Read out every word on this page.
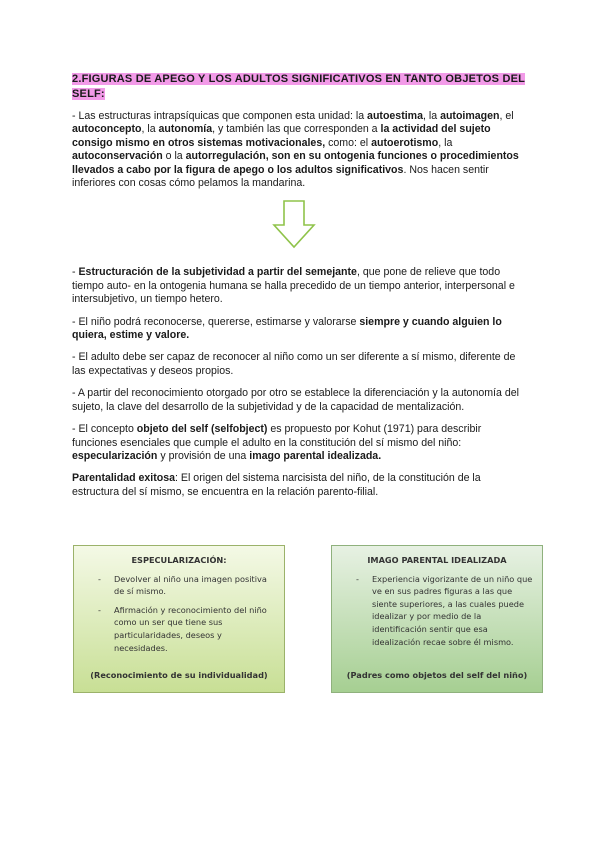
2.FIGURAS DE APEGO Y LOS ADULTOS SIGNIFICATIVOS EN TANTO OBJETOS DEL SELF:

- Las estructuras intrapsíquicas que componen esta unidad: la autoestima, la autoimagen, el autoconcepto, la autonomía, y también las que corresponden a la actividad del sujeto consigo mismo en otros sistemas motivacionales, como: el autoerotismo, la autoconservación o la autorregulación, son en su ontogenia funciones o procedimientos llevados a cabo por la figura de apego o los adultos significativos. Nos hacen sentir inferiores con cosas cómo pelamos la mandarina.

- Estructuración de la subjetividad a partir del semejante, que pone de relieve que todo tiempo auto- en la ontogenia humana se halla precedido de un tiempo anterior, interpersonal e intersubjetivo, un tiempo hetero.

- El niño podrá reconocerse, quererse, estimarse y valorarse siempre y cuando alguien lo quiera, estime y valore.

- El adulto debe ser capaz de reconocer al niño como un ser diferente a sí mismo, diferente de las expectativas y deseos propios.

- A partir del reconocimiento otorgado por otro se establece la diferenciación y la autonomía del sujeto, la clave del desarrollo de la subjetividad y de la capacidad de mentalización.

- El concepto objeto del self (selfobject) es propuesto por Kohut (1971) para describir funciones esenciales que cumple el adulto en la constitución del sí mismo del niño: especularización y provisión de una imago parental idealizada.

Parentalidad exitosa: El origen del sistema narcisista del niño, de la constitución de la estructura del sí mismo, se encuentra en la relación parento-filial.

ESPECULARIZACIÓN:
- Devolver al niño una imagen positiva de sí mismo.
- Afirmación y reconocimiento del niño como un ser que tiene sus particularidades, deseos y necesidades.
(Reconocimiento de su individualidad)
IMAGO PARENTAL IDEALIZADA
- Experiencia vigorizante de un niño que ve en sus padres figuras a las que siente superiores, a las cuales puede idealizar y por medio de la identificación sentir que esa idealización recae sobre él mismo.
(Padres como objetos del self del niño)
